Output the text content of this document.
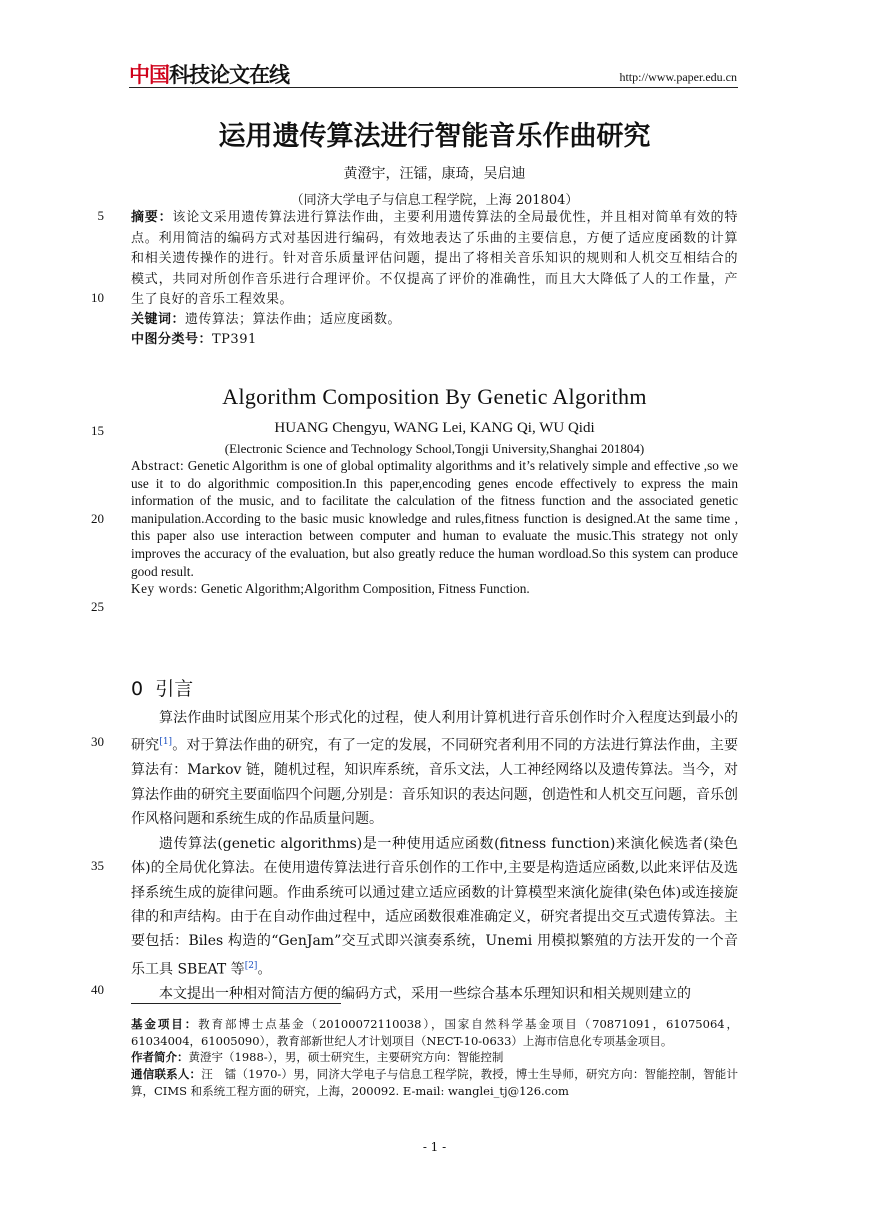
中国科技论文在线	http://www.paper.edu.cn
运用遗传算法进行智能音乐作曲研究
黄澄宇，汪镭，康琦，吴启迪
（同济大学电子与信息工程学院，上海 201804）
5
10
15
20
25
30
35
40
摘要：该论文采用遗传算法进行算法作曲，主要利用遗传算法的全局最优性，并且相对简单有效的特点。利用简洁的编码方式对基因进行编码，有效地表达了乐曲的主要信息，方便了适应度函数的计算和相关遗传操作的进行。针对音乐质量评估问题，提出了将相关音乐知识的规则和人机交互相结合的模式，共同对所创作音乐进行合理评价。不仅提高了评价的准确性，而且大大降低了人的工作量，产生了良好的音乐工程效果。
关键词：遗传算法；算法作曲；适应度函数。
中图分类号：TP391
Algorithm Composition By Genetic Algorithm
HUANG Chengyu, WANG Lei, KANG Qi, WU Qidi
(Electronic Science and Technology School,Tongji University,Shanghai 201804)
Abstract: Genetic Algorithm is one of global optimality algorithms and it’s relatively simple and effective ,so we use it to do algorithmic composition.In this paper,encoding genes encode effectively to express the main information of the music, and to facilitate the calculation of the fitness function and the associated genetic manipulation.According to the basic music knowledge and rules,fitness function is designed.At the same time , this paper also use interaction between computer and human to evaluate the music.This strategy not only improves the accuracy of the evaluation, but also greatly reduce the human wordload.So this system can produce good result.
Key words: Genetic Algorithm;Algorithm Composition, Fitness Function.
0 引言

算法作曲时试图应用某个形式化的过程，使人利用计算机进行音乐创作时介入程度达到最小的研究[1]。对于算法作曲的研究，有了一定的发展，不同研究者利用不同的方法进行算法作曲，主要算法有：Markov 链，随机过程，知识库系统，音乐文法，人工神经网络以及遗传算法。当今，对算法作曲的研究主要面临四个问题,分别是：音乐知识的表达问题，创造性和人机交互问题，音乐创作风格问题和系统生成的作品质量问题。

遗传算法(genetic algorithms)是一种使用适应函数(fitness function)来演化候选者(染色体)的全局优化算法。在使用遗传算法进行音乐创作的工作中,主要是构造适应函数,以此来评估及选择系统生成的旋律问题。作曲系统可以通过建立适应函数的计算模型来演化旋律(染色体)或连接旋律的和声结构。由于在自动作曲过程中，适应函数很难准确定义，研究者提出交互式遗传算法。主要包括：Biles 构造的“GenJam”交互式即兴演奏系统，Unemi 用模拟繁殖的方法开发的一个音乐工具 SBEAT 等[2]。

本文提出一种相对简洁方便的编码方式，采用一些综合基本乐理知识和相关规则建立的

基金项目：教育部博士点基金（20100072110038），国家自然科学基金项目（70871091，61075064，61034004，61005090），教育部新世纪人才计划项目（NECT-10-0633）上海市信息化专项基金项目。
作者简介：黄澄宇（1988-），男，硕士研究生，主要研究方向：智能控制
通信联系人：汪　镭（1970-）男，同济大学电子与信息工程学院，教授，博士生导师，研究方向：智能控制，智能计算，CIMS 和系统工程方面的研究，上海，200092. E-mail: wanglei_tj@126.com
- 1 -
